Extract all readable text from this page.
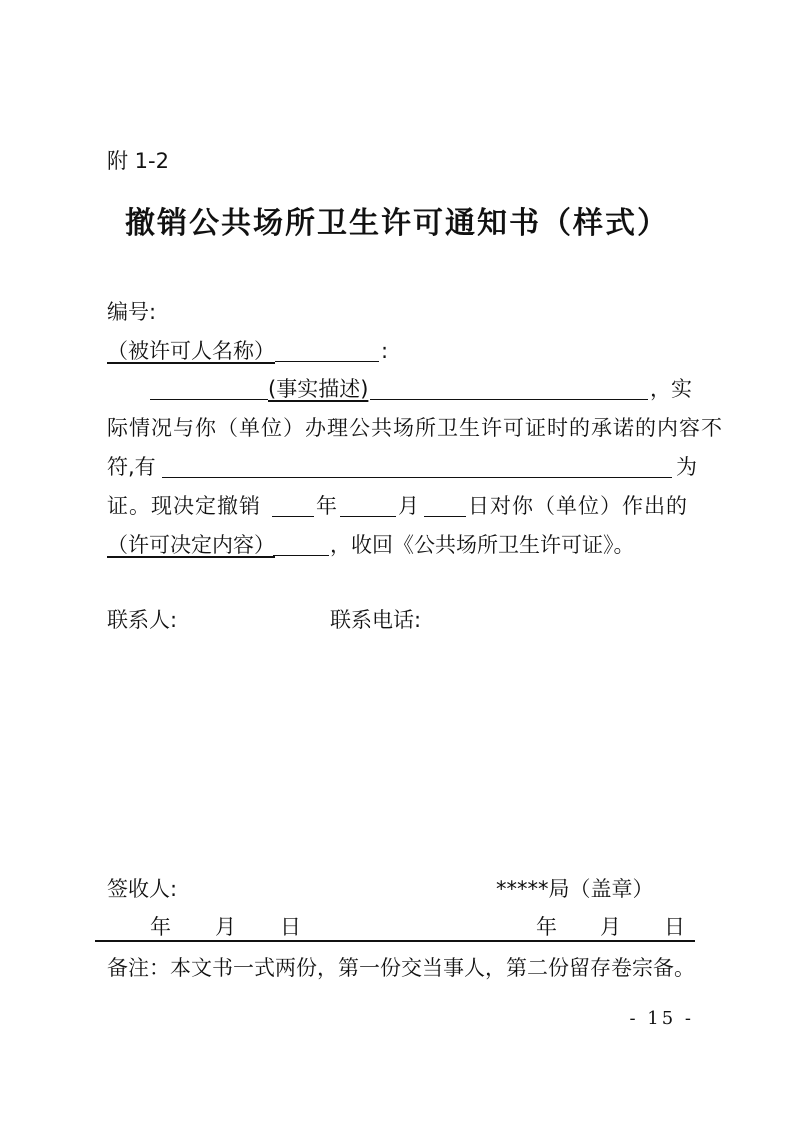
附 1-2
撤销公共场所卫生许可通知书（样式）
编号:
（被许可人名称）	:
(事实描述)	，实
际情况与你（单位）办理公共场所卫生许可证时的承诺的内容不
符,有	为
证。现决定撤销	年	月 日对你（单位）作出的
（许可决定内容）	，收回《公共场所卫生许可证》。
联系人:	联系电话:
签收人:	*****局（盖章）
年 月 日	年 月 日
备注：本文书一式两份，第一份交当事人，第二份留存卷宗备。
- 15 -
